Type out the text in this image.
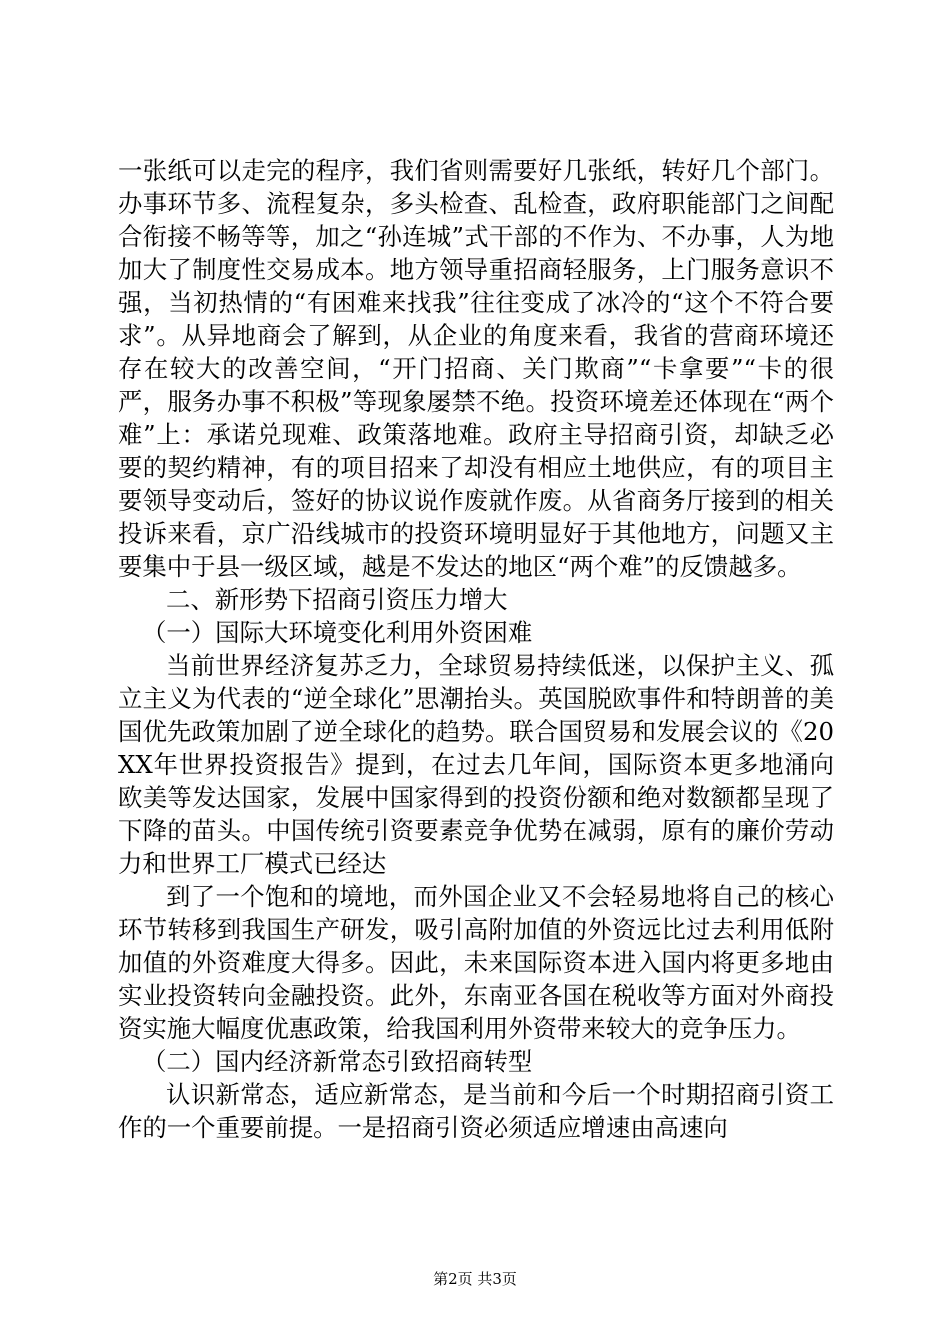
一张纸可以走完的程序，我们省则需要好几张纸，转好几个部门。办事环节多、流程复杂，多头检查、乱检查，政府职能部门之间配合衔接不畅等等，加之“孙连城”式干部的不作为、不办事，人为地加大了制度性交易成本。地方领导重招商轻服务，上门服务意识不强，当初热情的“有困难来找我”往往变成了冰冷的“这个不符合要求”。从异地商会了解到，从企业的角度来看，我省的营商环境还存在较大的改善空间，“开门招商、关门欺商”“卡拿要”“卡的很严，服务办事不积极”等现象屡禁不绝。投资环境差还体现在“两个难”上：承诺兑现难、政策落地难。政府主导招商引资，却缺乏必要的契约精神，有的项目招来了却没有相应土地供应，有的项目主要领导变动后，签好的协议说作废就作废。从省商务厅接到的相关投诉来看，京广沿线城市的投资环境明显好于其他地方，问题又主要集中于县一级区域，越是不发达的地区“两个难”的反馈越多。

二、新形势下招商引资压力增大

（一）国际大环境变化利用外资困难

当前世界经济复苏乏力，全球贸易持续低迷，以保护主义、孤立主义为代表的“逆全球化”思潮抬头。英国脱欧事件和特朗普的美国优先政策加剧了逆全球化的趋势。联合国贸易和发展会议的《20XX年世界投资报告》提到，在过去几年间，国际资本更多地涌向欧美等发达国家，发展中国家得到的投资份额和绝对数额都呈现了下降的苗头。中国传统引资要素竞争优势在减弱，原有的廉价劳动力和世界工厂模式已经达

到了一个饱和的境地，而外国企业又不会轻易地将自己的核心环节转移到我国生产研发，吸引高附加值的外资远比过去利用低附加值的外资难度大得多。因此，未来国际资本进入国内将更多地由实业投资转向金融投资。此外，东南亚各国在税收等方面对外商投资实施大幅度优惠政策，给我国利用外资带来较大的竞争压力。

（二）国内经济新常态引致招商转型

认识新常态，适应新常态，是当前和今后一个时期招商引资工作的一个重要前提。一是招商引资必须适应增速由高速向

第2页 共3页
